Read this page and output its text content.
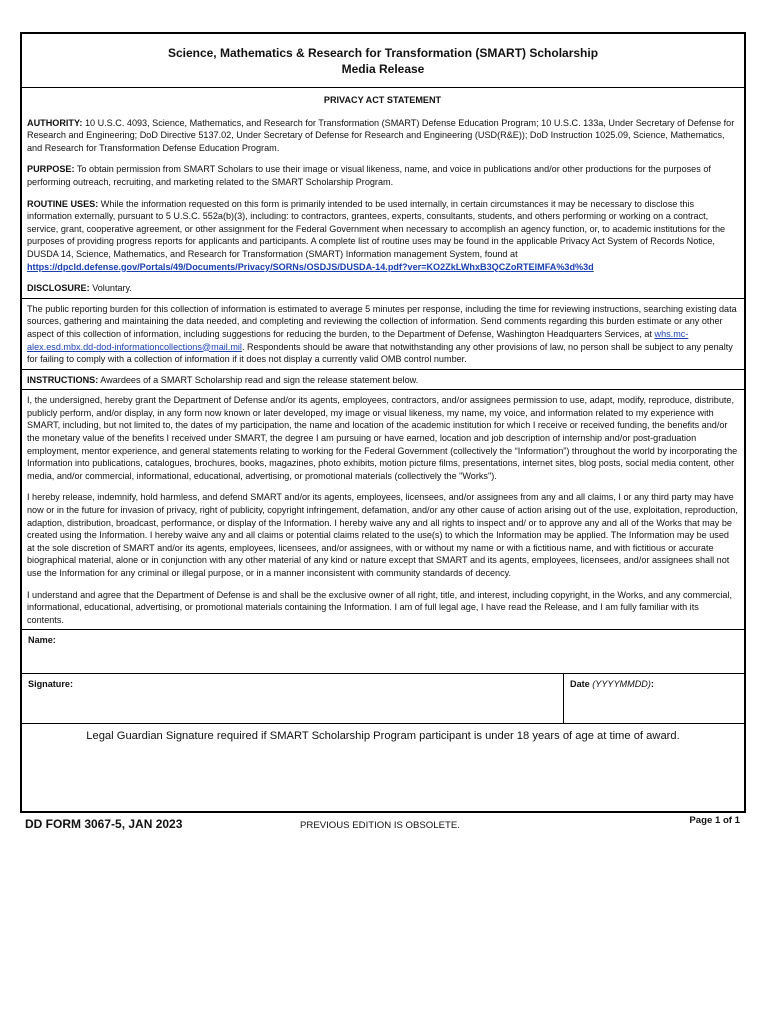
Science, Mathematics & Research for Transformation (SMART) Scholarship
Media Release
PRIVACY ACT STATEMENT

AUTHORITY: 10 U.S.C. 4093, Science, Mathematics, and Research for Transformation (SMART) Defense Education Program; 10 U.S.C. 133a, Under Secretary of Defense for Research and Engineering; DoD Directive 5137.02, Under Secretary of Defense for Research and Engineering (USD(R&E)); DoD Instruction 1025.09, Science, Mathematics, and Research for Transformation Defense Education Program.

PURPOSE: To obtain permission from SMART Scholars to use their image or visual likeness, name, and voice in publications and/or other productions for the purposes of performing outreach, recruiting, and marketing related to the SMART Scholarship Program.

ROUTINE USES: While the information requested on this form is primarily intended to be used internally, in certain circumstances it may be necessary to disclose this information externally, pursuant to 5 U.S.C. 552a(b)(3), including: to contractors, grantees, experts, consultants, students, and others performing or working on a contract, service, grant, cooperative agreement, or other assignment for the Federal Government when necessary to accomplish an agency function, or, to academic institutions for the purposes of providing progress reports for applicants and participants. A complete list of routine uses may be found in the applicable Privacy Act System of Records Notice, DUSDA 14, Science, Mathematics, and Research for Transformation (SMART) Information management System, found at https://dpcld.defense.gov/Portals/49/Documents/Privacy/SORNs/OSDJS/DUSDA-14.pdf?ver=KO2ZkLWhxB3QCZoRTElMFA%3d%3d

DISCLOSURE: Voluntary.

The public reporting burden for this collection of information is estimated to average 5 minutes per response, including the time for reviewing instructions, searching existing data sources, gathering and maintaining the data needed, and completing and reviewing the collection of information. Send comments regarding this burden estimate or any other aspect of this collection of information, including suggestions for reducing the burden, to the Department of Defense, Washington Headquarters Services, at whs.mc-alex.esd.mbx.dd-dod-informationcollections@mail.mil. Respondents should be aware that notwithstanding any other provisions of law, no person shall be subject to any penalty for failing to comply with a collection of information if it does not display a currently valid OMB control number.
INSTRUCTIONS: Awardees of a SMART Scholarship read and sign the release statement below.

I, the undersigned, hereby grant the Department of Defense and/or its agents, employees, contractors, and/or assignees permission to use, adapt, modify, reproduce, distribute, publicly perform, and/or display, in any form now known or later developed, my image or visual likeness, my name, my voice, and information related to my experience with SMART, including, but not limited to, the dates of my participation, the name and location of the academic institution for which I receive or received funding, the benefits and/or the monetary value of the benefits I received under SMART, the degree I am pursuing or have earned, location and job description of internship and/or post-graduation employment, mentor experience, and general statements relating to working for the Federal Government (collectively the “Information”) throughout the world by incorporating the Information into publications, catalogues, brochures, books, magazines, photo exhibits, motion picture films, presentations, internet sites, blog posts, social media content, other media, and/or commercial, informational, educational, advertising, or promotional materials (collectively the "Works").

I hereby release, indemnify, hold harmless, and defend SMART and/or its agents, employees, licensees, and/or assignees from any and all claims, I or any third party may have now or in the future for invasion of privacy, right of publicity, copyright infringement, defamation, and/or any other cause of action arising out of the use, exploitation, reproduction, adaption, distribution, broadcast, performance, or display of the Information. I hereby waive any and all rights to inspect and/ or to approve any and all of the Works that may be created using the Information. I hereby waive any and all claims or potential claims related to the use(s) to which the Information may be applied. The Information may be used at the sole discretion of SMART and/or its agents, employees, licensees, and/or assignees, with or without my name or with a fictitious name, and with fictitious or accurate biographical material, alone or in conjunction with any other material of any kind or nature except that SMART and its agents, employees, licensees, and/or assignees shall not use the Information for any criminal or illegal purpose, or in a manner inconsistent with community standards of decency.

I understand and agree that the Department of Defense is and shall be the exclusive owner of all right, title, and interest, including copyright, in the Works, and any commercial, informational, educational, advertising, or promotional materials containing the Information. I am of full legal age, I have read the Release, and I am fully familiar with its contents.

Name:
Signature:	Date (YYYYMMDD):
Legal Guardian Signature required if SMART Scholarship Program participant is under 18 years of age at time of award.
DD FORM 3067-5, JAN 2023	PREVIOUS EDITION IS OBSOLETE.	Page 1 of 1
